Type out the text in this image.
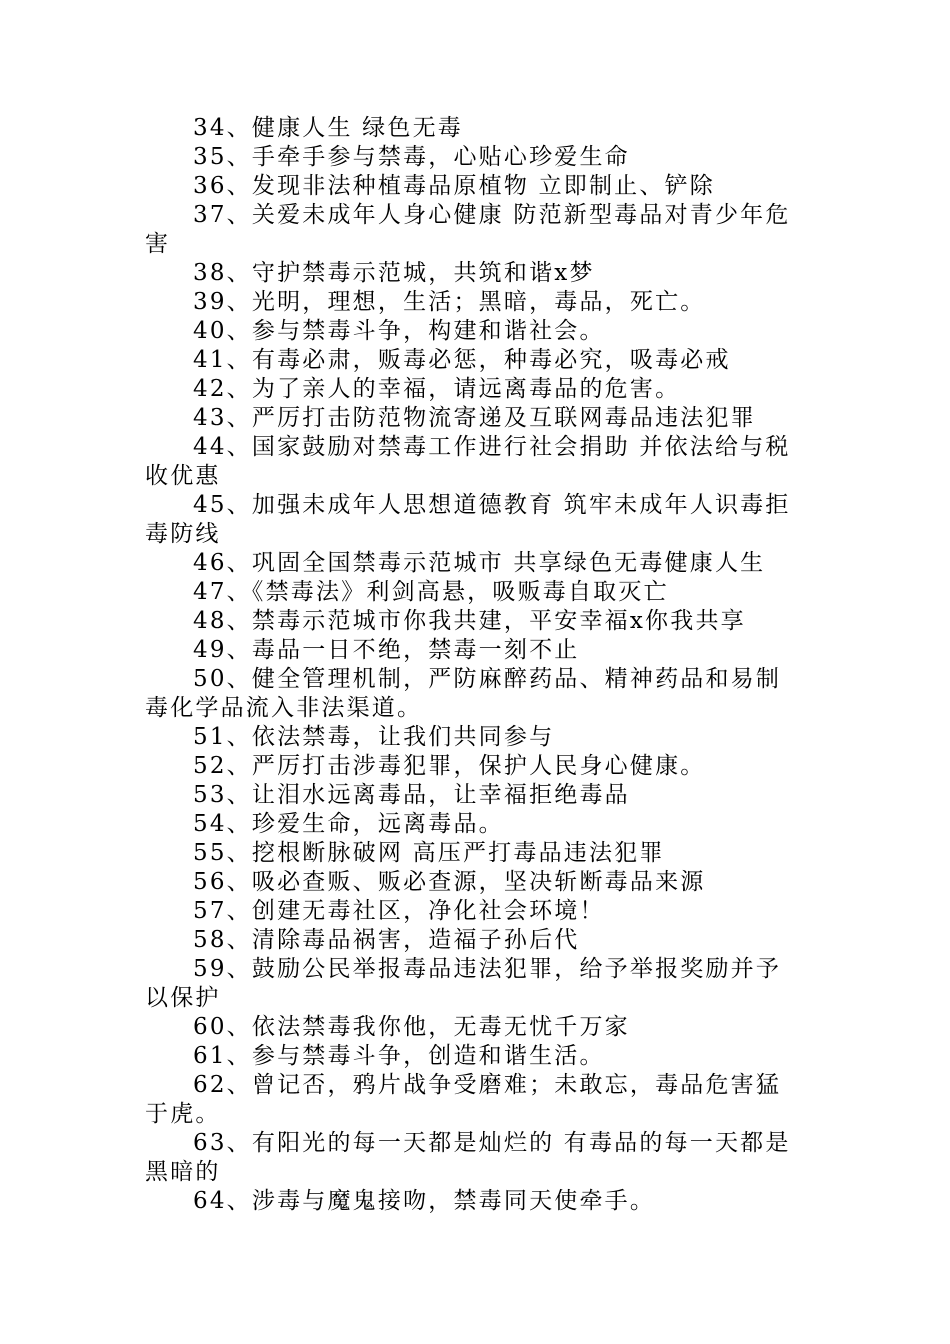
34、健康人生 绿色无毒

35、手牵手参与禁毒，心贴心珍爱生命

36、发现非法种植毒品原植物 立即制止、铲除

37、关爱未成年人身心健康 防范新型毒品对青少年危害

38、守护禁毒示范城，共筑和谐x梦

39、光明，理想，生活；黑暗，毒品，死亡。

40、参与禁毒斗争，构建和谐社会。

41、有毒必肃，贩毒必惩，种毒必究，吸毒必戒

42、为了亲人的幸福，请远离毒品的危害。

43、严厉打击防范物流寄递及互联网毒品违法犯罪

44、国家鼓励对禁毒工作进行社会捐助 并依法给与税收优惠

45、加强未成年人思想道德教育 筑牢未成年人识毒拒毒防线

46、巩固全国禁毒示范城市 共享绿色无毒健康人生

47、《禁毒法》利剑高悬，吸贩毒自取灭亡

48、禁毒示范城市你我共建，平安幸福x你我共享

49、毒品一日不绝，禁毒一刻不止

50、健全管理机制，严防麻醉药品、精神药品和易制毒化学品流入非法渠道。

51、依法禁毒，让我们共同参与

52、严厉打击涉毒犯罪，保护人民身心健康。

53、让泪水远离毒品，让幸福拒绝毒品

54、珍爱生命，远离毒品。

55、挖根断脉破网 高压严打毒品违法犯罪

56、吸必查贩、贩必查源，坚决斩断毒品来源

57、创建无毒社区，净化社会环境！

58、清除毒品祸害，造福子孙后代

59、鼓励公民举报毒品违法犯罪，给予举报奖励并予以保护

60、依法禁毒我你他，无毒无忧千万家

61、参与禁毒斗争，创造和谐生活。

62、曾记否，鸦片战争受磨难；未敢忘，毒品危害猛于虎。

63、有阳光的每一天都是灿烂的 有毒品的每一天都是黑暗的

64、涉毒与魔鬼接吻，禁毒同天使牵手。
